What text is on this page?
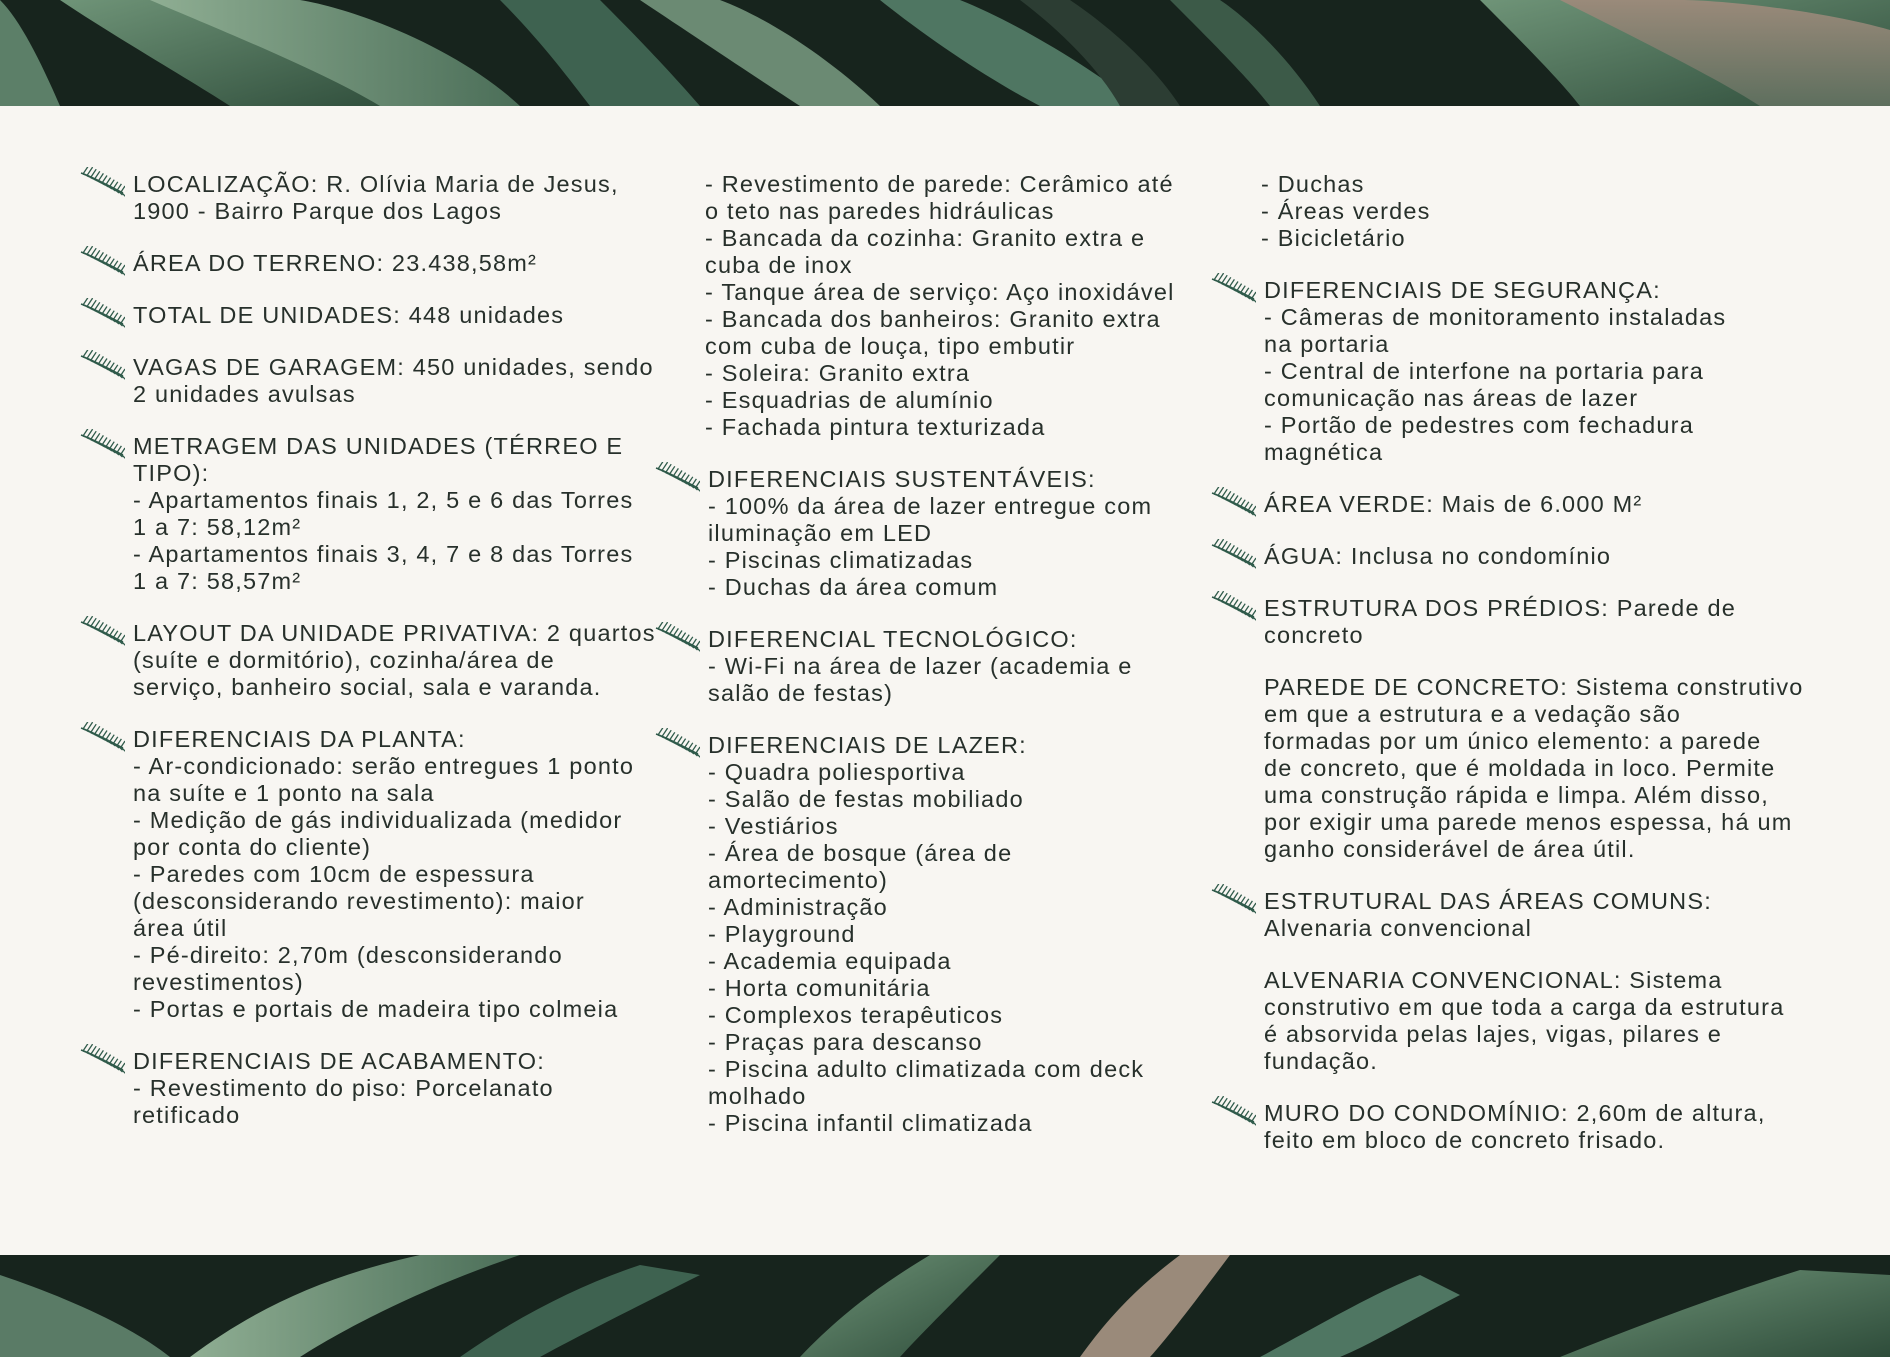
LOCALIZAÇÃO: R. Olívia Maria de Jesus,
1900 - Bairro Parque dos Lagos
ÁREA DO TERRENO: 23.438,58m²
TOTAL DE UNIDADES: 448 unidades
VAGAS DE GARAGEM: 450 unidades, sendo
2 unidades avulsas
METRAGEM DAS UNIDADES (TÉRREO E
TIPO):
- Apartamentos finais 1, 2, 5 e 6 das Torres
1 a 7: 58,12m²
- Apartamentos finais 3, 4, 7 e 8 das Torres
1 a 7: 58,57m²
LAYOUT DA UNIDADE PRIVATIVA: 2 quartos
(suíte e dormitório), cozinha/área de
serviço, banheiro social, sala e varanda.
DIFERENCIAIS DA PLANTA:
- Ar-condicionado: serão entregues 1 ponto
na suíte e 1 ponto na sala
- Medição de gás individualizada (medidor
por conta do cliente)
- Paredes com 10cm de espessura
(desconsiderando revestimento): maior
área útil
- Pé-direito: 2,70m (desconsiderando
revestimentos)
- Portas e portais de madeira tipo colmeia
DIFERENCIAIS DE ACABAMENTO:
- Revestimento do piso: Porcelanato
retificado
- Revestimento de parede: Cerâmico até
o teto nas paredes hidráulicas
- Bancada da cozinha: Granito extra e
cuba de inox
- Tanque área de serviço: Aço inoxidável
- Bancada dos banheiros: Granito extra
com cuba de louça, tipo embutir
- Soleira: Granito extra
- Esquadrias de alumínio
- Fachada pintura texturizada
DIFERENCIAIS SUSTENTÁVEIS:
- 100% da área de lazer entregue com
iluminação em LED
- Piscinas climatizadas
- Duchas da área comum
DIFERENCIAL TECNOLÓGICO:
- Wi-Fi na área de lazer (academia e
salão de festas)
DIFERENCIAIS DE LAZER:
- Quadra poliesportiva
- Salão de festas mobiliado
- Vestiários
- Área de bosque (área de
amortecimento)
- Administração
- Playground
- Academia equipada
- Horta comunitária
- Complexos terapêuticos
- Praças para descanso
- Piscina adulto climatizada com deck
molhado
- Piscina infantil climatizada
- Duchas
- Áreas verdes
- Bicicletário
DIFERENCIAIS DE SEGURANÇA:
- Câmeras de monitoramento instaladas
na portaria
- Central de interfone na portaria para
comunicação nas áreas de lazer
- Portão de pedestres com fechadura
magnética
ÁREA VERDE: Mais de 6.000 M²
ÁGUA: Inclusa no condomínio
ESTRUTURA DOS PRÉDIOS: Parede de
concreto
PAREDE DE CONCRETO: Sistema construtivo
em que a estrutura e a vedação são
formadas por um único elemento: a parede
de concreto, que é moldada in loco. Permite
uma construção rápida e limpa. Além disso,
por exigir uma parede menos espessa, há um
ganho considerável de área útil.
ESTRUTURAL DAS ÁREAS COMUNS:
Alvenaria convencional
ALVENARIA CONVENCIONAL: Sistema
construtivo em que toda a carga da estrutura
é absorvida pelas lajes, vigas, pilares e
fundação.
MURO DO CONDOMÍNIO: 2,60m de altura,
feito em bloco de concreto frisado.
